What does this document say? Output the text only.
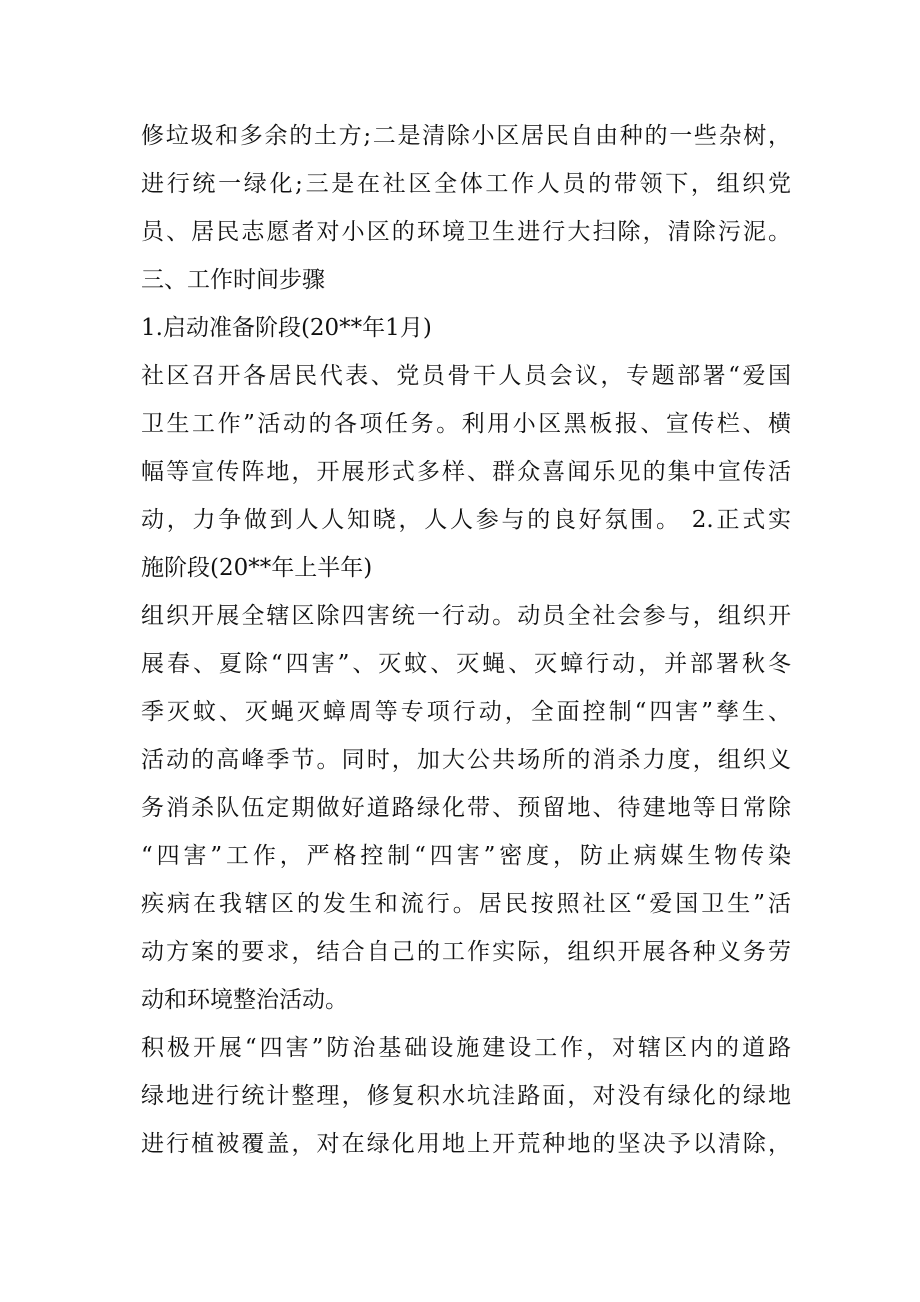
修垃圾和多余的土方;二是清除小区居民自由种的一些杂树，
进行统一绿化;三是在社区全体工作人员的带领下，组织党
员、居民志愿者对小区的环境卫生进行大扫除，清除污泥。
三、工作时间步骤
1.启动准备阶段(20**年1月)
社区召开各居民代表、党员骨干人员会议，专题部署“爱国
卫生工作”活动的各项任务。利用小区黑板报、宣传栏、横
幅等宣传阵地，开展形式多样、群众喜闻乐见的集中宣传活
动，力争做到人人知晓，人人参与的良好氛围。 2.正式实
施阶段(20**年上半年)
组织开展全辖区除四害统一行动。动员全社会参与，组织开
展春、夏除“四害”、灭蚊、灭蝇、灭蟑行动，并部署秋冬
季灭蚊、灭蝇灭蟑周等专项行动，全面控制“四害”孳生、
活动的高峰季节。同时，加大公共场所的消杀力度，组织义
务消杀队伍定期做好道路绿化带、预留地、待建地等日常除
“四害”工作，严格控制“四害”密度，防止病媒生物传染
疾病在我辖区的发生和流行。居民按照社区“爱国卫生”活
动方案的要求，结合自己的工作实际，组织开展各种义务劳
动和环境整治活动。
积极开展“四害”防治基础设施建设工作，对辖区内的道路
绿地进行统计整理，修复积水坑洼路面，对没有绿化的绿地
进行植被覆盖，对在绿化用地上开荒种地的坚决予以清除，
